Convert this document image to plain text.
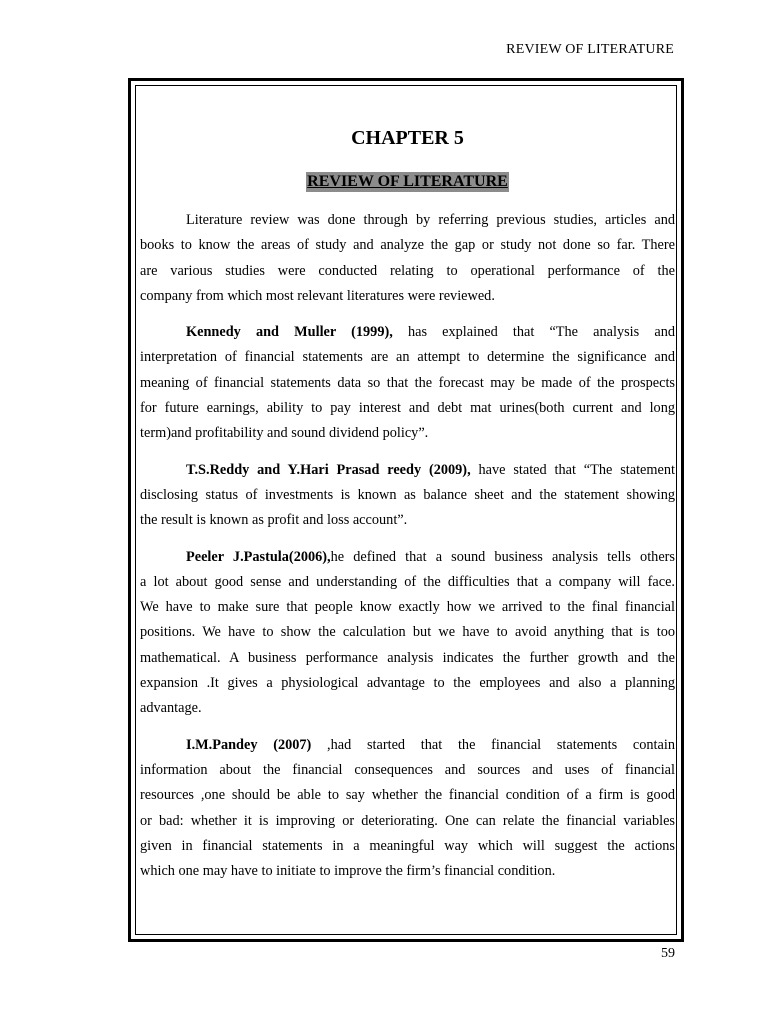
REVIEW OF LITERATURE
CHAPTER 5
REVIEW OF LITERATURE
Literature review was done through by referring previous studies, articles and
books to know the areas of study and analyze the gap or study not done so far. There
are various studies were conducted relating to operational performance of the
company from which most relevant literatures were reviewed.
Kennedy and Muller (1999), has explained that “The analysis and
interpretation of financial statements are an attempt to determine the significance and
meaning of financial statements data so that the forecast may be made of the prospects
for future earnings, ability to pay interest and debt mat urines(both current and long
term)and profitability and sound dividend policy”.
T.S.Reddy and Y.Hari Prasad reedy (2009), have stated that “The statement
disclosing status of investments is known as balance sheet and the statement showing
the result is known as profit and loss account”.
Peeler J.Pastula(2006),he defined that a sound business analysis tells others
a lot about good sense and understanding of the difficulties that a company will face.
We have to make sure that people know exactly how we arrived to the final financial
positions. We have to show the calculation but we have to avoid anything that is too
mathematical. A business performance analysis indicates the further growth and the
expansion .It gives a physiological advantage to the employees and also a planning
advantage.
I.M.Pandey (2007) ,had started that the financial statements contain
information about the financial consequences and sources and uses of financial
resources ,one should be able to say whether the financial condition of a firm is good
or bad: whether it is improving or deteriorating. One can relate the financial variables
given in financial statements in a meaningful way which will suggest the actions
which one may have to initiate to improve the firm’s financial condition.
59
